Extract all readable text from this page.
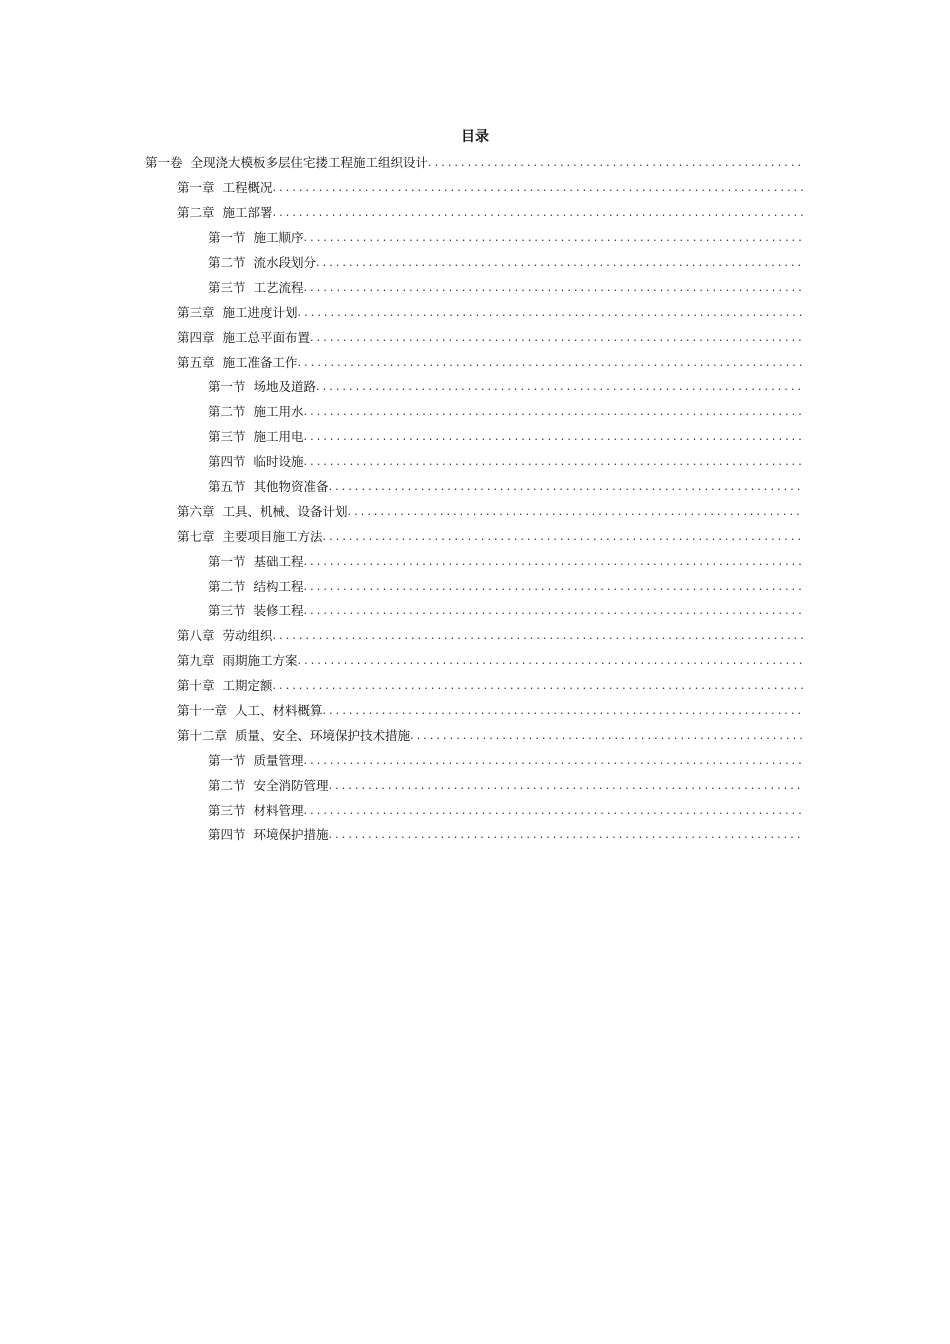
目录
第一卷 全现浇大模板多层住宅搂工程施工组织设计
.....
第一章 工程概况
.....
第二章 施工部署
.....
第一节 施工顺序
.....
第二节 流水段划分
.....
第三节 工艺流程
.....
第三章 施工进度计划
.....
第四章 施工总平面布置
.....
第五章 施工准备工作
.....
第一节 场地及道路
.....
第二节 施工用水
.....
第三节 施工用电
.....
第四节 临时设施
.....
第五节 其他物资准备
.....
第六章 工具、机械、设备计划
.....
第七章 主要项目施工方法
.....
第一节 基础工程
.....
第二节 结构工程
.....
第三节 装修工程
.....
第八章 劳动组织
.....
第九章 雨期施工方案
.....
第十章 工期定额
.....
第十一章 人工、材料概算
.....
第十二章 质量、安全、环境保护技术措施
.....
第一节 质量管理
.....
第二节 安全消防管理
.....
第三节 材料管理
.....
第四节 环境保护措施
.....
